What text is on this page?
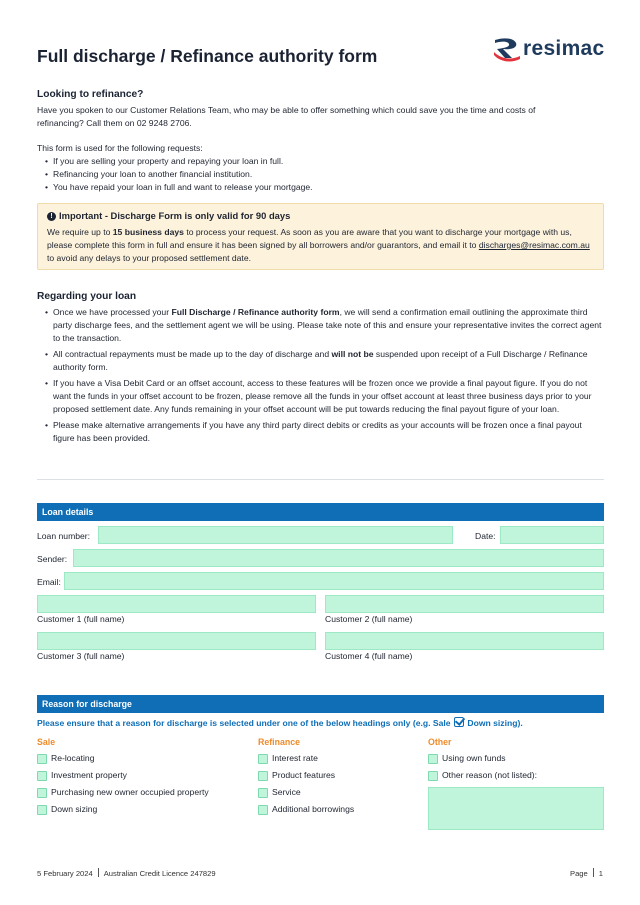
Full discharge / Refinance authority form	resimac
Looking to refinance?

Have you spoken to our Customer Relations Team, who may be able to offer something which could save you the time and costs of refinancing? Call them on 02 9248 2706.

This form is used for the following requests:

• If you are selling your property and repaying your loan in full.
• Refinancing your loan to another financial institution.
• You have repaid your loan in full and want to release your mortgage.
! Important - Discharge Form is only valid for 90 days

We require up to 15 business days to process your request. As soon as you are aware that you want to discharge your mortgage with us, please complete this form in full and ensure it has been signed by all borrowers and/or guarantors, and email it to discharges@resimac.com.au to avoid any delays to your proposed settlement date.

Regarding your loan
• Once we have processed your Full Discharge / Refinance authority form, we will send a confirmation email outlining the approximate third party discharge fees, and the settlement agent we will be using. Please take note of this and ensure your representative invites the correct agent to the transaction.
• All contractual repayments must be made up to the day of discharge and will not be suspended upon receipt of a Full Discharge / Refinance authority form.
• If you have a Visa Debit Card or an offset account, access to these features will be frozen once we provide a final payout figure. If you do not want the funds in your offset account to be frozen, please remove all the funds in your offset account at least three business days prior to your proposed settlement date. Any funds remaining in your offset account will be put towards reducing the final payout figure of your loan.
• Please make alternative arrangements if you have any third party direct debits or credits as your accounts will be frozen once a final payout figure has been provided.
Loan details
Loan number:	Date:
Sender:
Email:
Customer 1 (full name)	Customer 2 (full name)
Customer 3 (full name)	Customer 4 (full name)
Reason for discharge

Please ensure that a reason for discharge is selected under one of the below headings only (e.g. Sale Down sizing).

Sale
Re-locating
Investment property
Purchasing new owner occupied property
Down sizing
Refinance
Interest rate
Product features
Service
Additional borrowings
Other
Using own funds
Other reason (not listed):
5 February 2024 Australian Credit Licence 247829	Page 1
